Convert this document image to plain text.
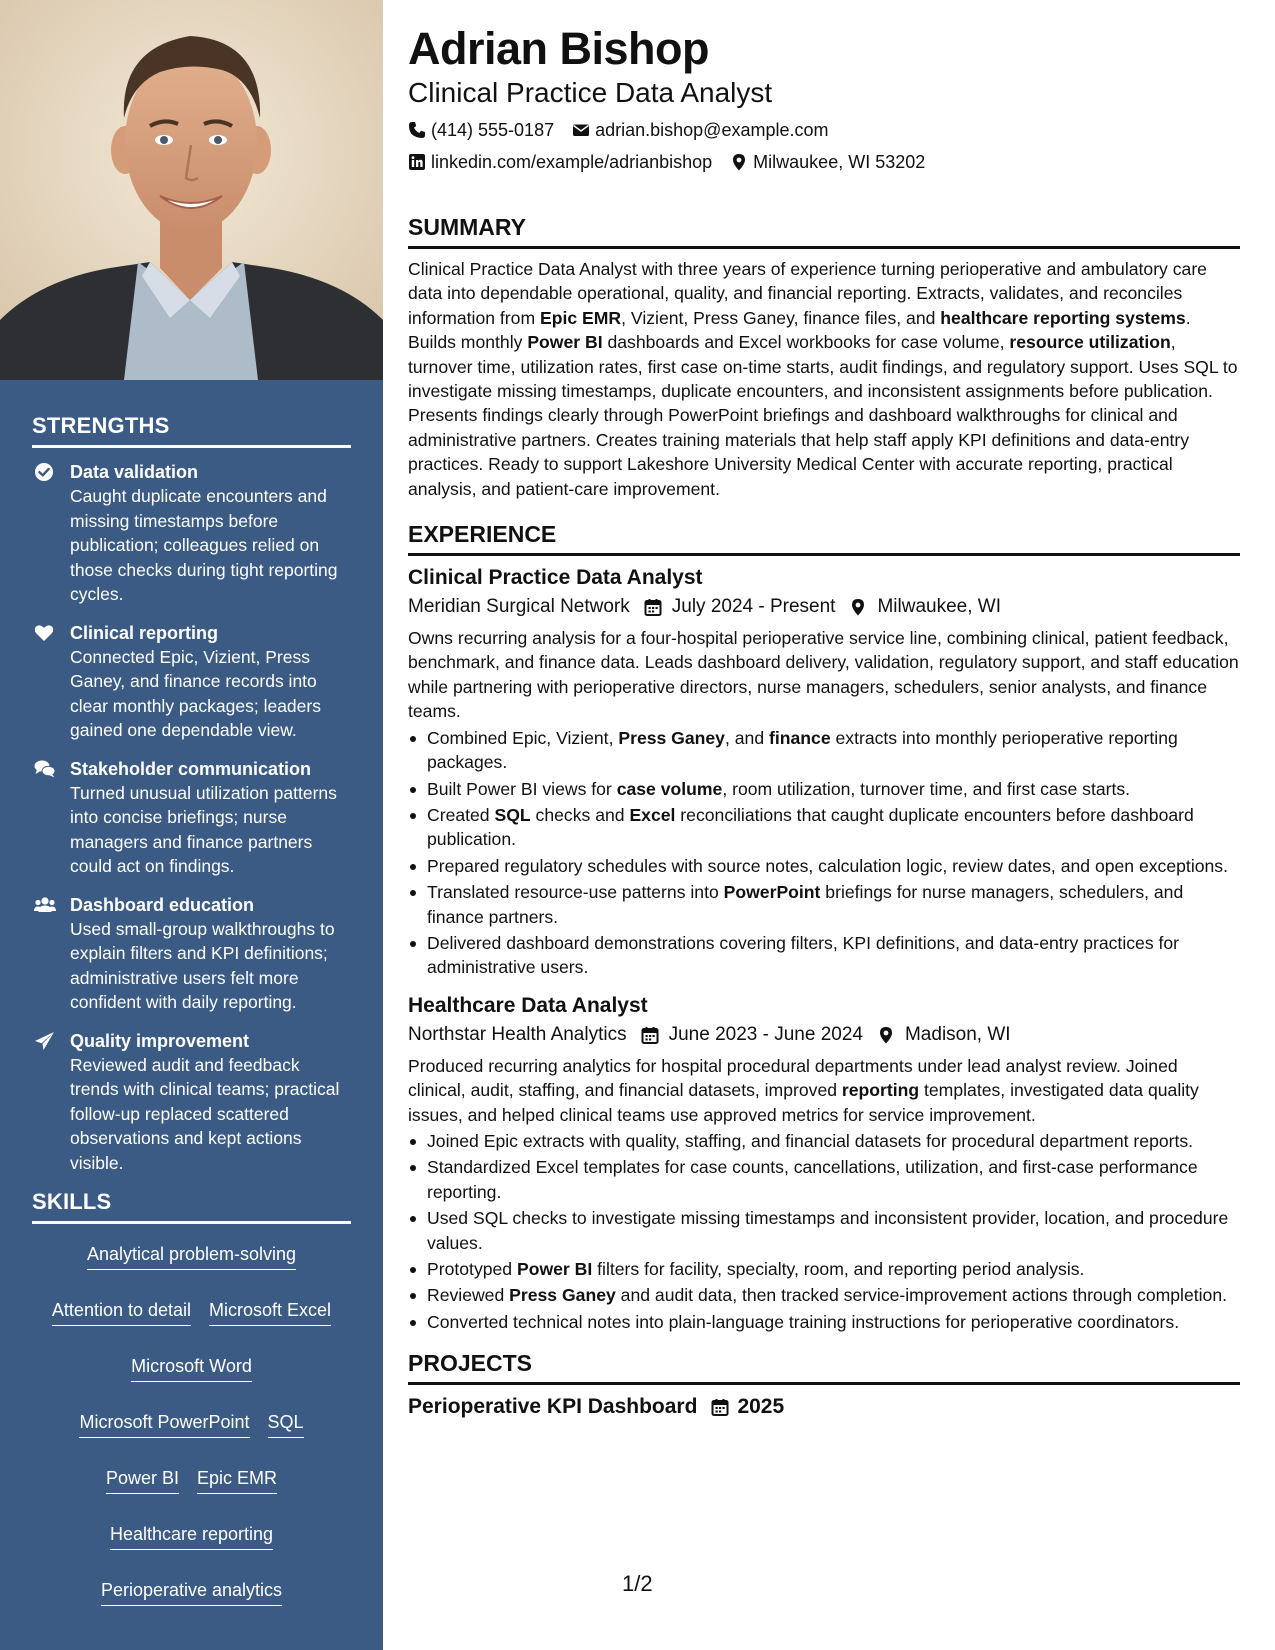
STRENGTHS
Data validation
Caught duplicate encounters and missing timestamps before publication; colleagues relied on those checks during tight reporting cycles.
Clinical reporting
Connected Epic, Vizient, Press Ganey, and finance records into clear monthly packages; leaders gained one dependable view.
Stakeholder communication
Turned unusual utilization patterns into concise briefings; nurse managers and finance partners could act on findings.
Dashboard education
Used small-group walkthroughs to explain filters and KPI definitions; administrative users felt more confident with daily reporting.
Quality improvement
Reviewed audit and feedback trends with clinical teams; practical follow-up replaced scattered observations and kept actions visible.
SKILLS
Analytical problem-solving
Attention to detail Microsoft Excel
Microsoft Word
Microsoft PowerPoint SQL
Power BI Epic EMR
Healthcare reporting
Perioperative analytics
Adrian Bishop
Clinical Practice Data Analyst
(414) 555-0187 adrian.bishop@example.com
linkedin.com/example/adrianbishop Milwaukee, WI 53202
SUMMARY
Clinical Practice Data Analyst with three years of experience turning perioperative and ambulatory care data into dependable operational, quality, and financial reporting. Extracts, validates, and reconciles information from Epic EMR, Vizient, Press Ganey, finance files, and healthcare reporting systems. Builds monthly Power BI dashboards and Excel workbooks for case volume, resource utilization, turnover time, utilization rates, first case on-time starts, audit findings, and regulatory support. Uses SQL to investigate missing timestamps, duplicate encounters, and inconsistent assignments before publication. Presents findings clearly through PowerPoint briefings and dashboard walkthroughs for clinical and administrative partners. Creates training materials that help staff apply KPI definitions and data-entry practices. Ready to support Lakeshore University Medical Center with accurate reporting, practical analysis, and patient-care improvement.
EXPERIENCE
Clinical Practice Data Analyst
Meridian Surgical Network July 2024 - Present Milwaukee, WI
Owns recurring analysis for a four-hospital perioperative service line, combining clinical, patient feedback, benchmark, and finance data. Leads dashboard delivery, validation, regulatory support, and staff education while partnering with perioperative directors, nurse managers, schedulers, senior analysts, and finance teams.
Combined Epic, Vizient, Press Ganey, and finance extracts into monthly perioperative reporting packages.
Built Power BI views for case volume, room utilization, turnover time, and first case starts.
Created SQL checks and Excel reconciliations that caught duplicate encounters before dashboard publication.
Prepared regulatory schedules with source notes, calculation logic, review dates, and open exceptions.
Translated resource-use patterns into PowerPoint briefings for nurse managers, schedulers, and finance partners.
Delivered dashboard demonstrations covering filters, KPI definitions, and data-entry practices for administrative users.
Healthcare Data Analyst
Northstar Health Analytics June 2023 - June 2024 Madison, WI
Produced recurring analytics for hospital procedural departments under lead analyst review. Joined clinical, audit, staffing, and financial datasets, improved reporting templates, investigated data quality issues, and helped clinical teams use approved metrics for service improvement.
Joined Epic extracts with quality, staffing, and financial datasets for procedural department reports.
Standardized Excel templates for case counts, cancellations, utilization, and first-case performance reporting.
Used SQL checks to investigate missing timestamps and inconsistent provider, location, and procedure values.
Prototyped Power BI filters for facility, specialty, room, and reporting period analysis.
Reviewed Press Ganey and audit data, then tracked service-improvement actions through completion.
Converted technical notes into plain-language training instructions for perioperative coordinators.
PROJECTS
Perioperative KPI Dashboard 2025
1/2
